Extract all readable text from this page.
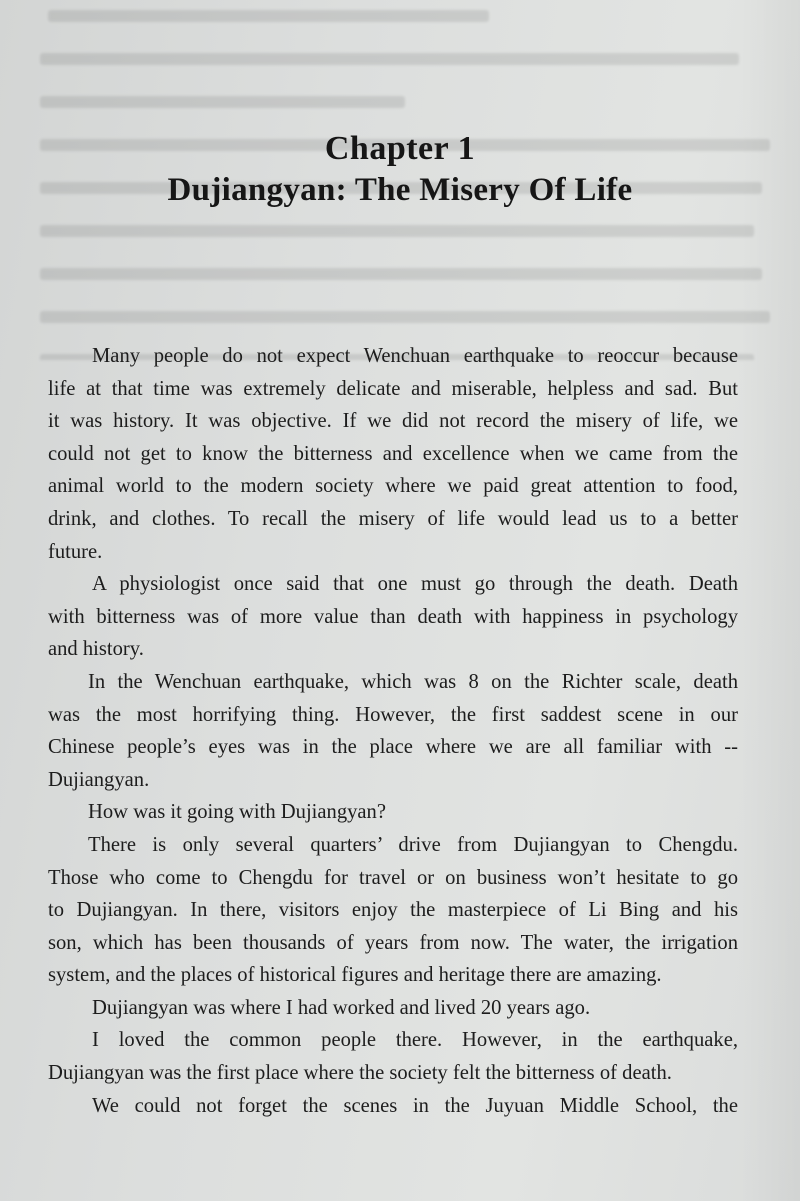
Chapter 1
Dujiangyan: The Misery Of Life
Many people do not expect Wenchuan earthquake to reoccur because
life at that time was extremely delicate and miserable, helpless and sad. But
it was history. It was objective. If we did not record the misery of life, we
could not get to know the bitterness and excellence when we came from the
animal world to the modern society where we paid great attention to food,
drink, and clothes. To recall the misery of life would lead us to a better
future.
A physiologist once said that one must go through the death. Death
with bitterness was of more value than death with happiness in psychology
and history.
In the Wenchuan earthquake, which was 8 on the Richter scale, death
was the most horrifying thing. However, the first saddest scene in our
Chinese people’s eyes was in the place where we are all familiar with --
Dujiangyan.
How was it going with Dujiangyan?
There is only several quarters’ drive from Dujiangyan to Chengdu.
Those who come to Chengdu for travel or on business won’t hesitate to go
to Dujiangyan. In there, visitors enjoy the masterpiece of Li Bing and his
son, which has been thousands of years from now. The water, the irrigation
system, and the places of historical figures and heritage there are amazing.
Dujiangyan was where I had worked and lived 20 years ago.
I loved the common people there. However, in the earthquake,
Dujiangyan was the first place where the society felt the bitterness of death.
We could not forget the scenes in the Juyuan Middle School, the
